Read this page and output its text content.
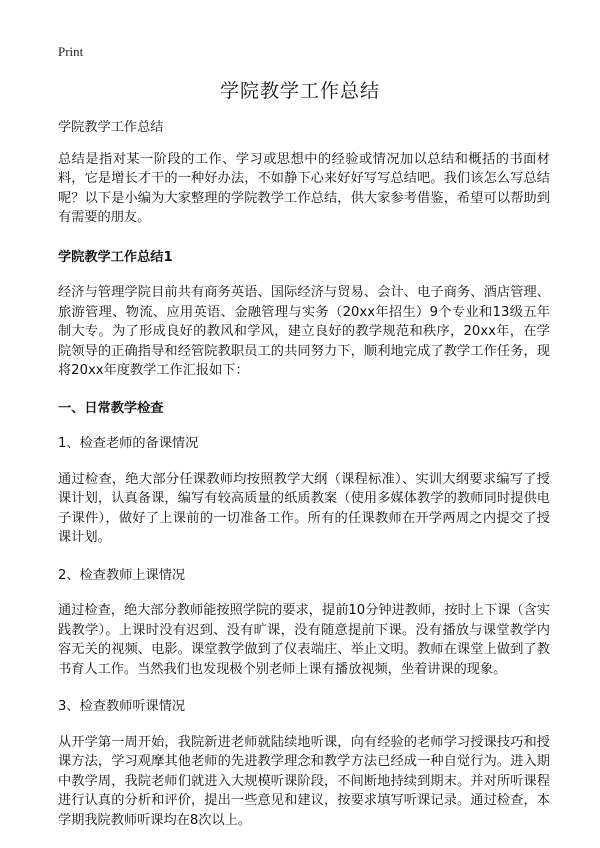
Print
学院教学工作总结

学院教学工作总结

总结是指对某一阶段的工作、学习或思想中的经验或情况加以总结和概括的书面材料，它是增长才干的一种好办法，不如静下心来好好写写总结吧。我们该怎么写总结呢？以下是小编为大家整理的学院教学工作总结，供大家参考借鉴，希望可以帮助到有需要的朋友。

学院教学工作总结1

经济与管理学院目前共有商务英语、国际经济与贸易、会计、电子商务、酒店管理、旅游管理、物流、应用英语、金融管理与实务（20xx年招生）9个专业和13级五年制大专。为了形成良好的教风和学风，建立良好的教学规范和秩序，20xx年，在学院领导的正确指导和经管院教职员工的共同努力下，顺利地完成了教学工作任务，现将20xx年度教学工作汇报如下：

一、日常教学检查

1、检查老师的备课情况

通过检查，绝大部分任课教师均按照教学大纲（课程标准）、实训大纲要求编写了授课计划，认真备课，编写有较高质量的纸质教案（使用多媒体教学的教师同时提供电子课件），做好了上课前的一切准备工作。所有的任课教师在开学两周之内提交了授课计划。

2、检查教师上课情况

通过检查，绝大部分教师能按照学院的要求，提前10分钟进教师，按时上下课（含实践教学）。上课时没有迟到、没有旷课，没有随意提前下课。没有播放与课堂教学内容无关的视频、电影。课堂教学做到了仪表端庄、举止文明。教师在课堂上做到了教书育人工作。当然我们也发现极个别老师上课有播放视频，坐着讲课的现象。

3、检查教师听课情况

从开学第一周开始，我院新进老师就陆续地听课，向有经验的老师学习授课技巧和授课方法，学习观摩其他老师的先进教学理念和教学方法已经成一种自觉行为。进入期中教学周，我院老师们就进入大规模听课阶段，不间断地持续到期末。并对所听课程进行认真的分析和评价，提出一些意见和建议，按要求填写听课记录。通过检查，本学期我院教师听课均在8次以上。
